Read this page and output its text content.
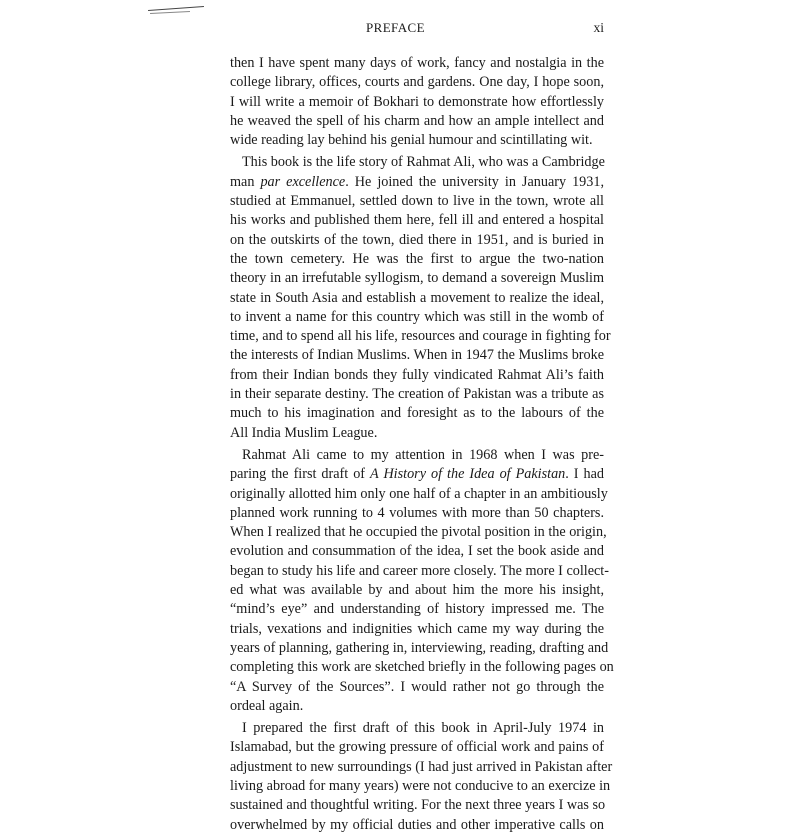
PREFACE	xi
then I have spent many days of work, fancy and nostalgia in the
college library, offices, courts and gardens. One day, I hope soon,
I will write a memoir of Bokhari to demonstrate how effortlessly
he weaved the spell of his charm and how an ample intellect and
wide reading lay behind his genial humour and scintillating wit.
This book is the life story of Rahmat Ali, who was a Cambridge
man par excellence. He joined the university in January 1931,
studied at Emmanuel, settled down to live in the town, wrote all
his works and published them here, fell ill and entered a hospital
on the outskirts of the town, died there in 1951, and is buried in
the town cemetery. He was the first to argue the two-nation
theory in an irrefutable syllogism, to demand a sovereign Muslim
state in South Asia and establish a movement to realize the ideal,
to invent a name for this country which was still in the womb of
time, and to spend all his life, resources and courage in fighting for
the interests of Indian Muslims. When in 1947 the Muslims broke
from their Indian bonds they fully vindicated Rahmat Ali’s faith
in their separate destiny. The creation of Pakistan was a tribute as
much to his imagination and foresight as to the labours of the
All India Muslim League.
Rahmat Ali came to my attention in 1968 when I was pre-
paring the first draft of A History of the Idea of Pakistan. I had
originally allotted him only one half of a chapter in an ambitiously
planned work running to 4 volumes with more than 50 chapters.
When I realized that he occupied the pivotal position in the origin,
evolution and consummation of the idea, I set the book aside and
began to study his life and career more closely. The more I collect-
ed what was available by and about him the more his insight,
“mind’s eye” and understanding of history impressed me. The
trials, vexations and indignities which came my way during the
years of planning, gathering in, interviewing, reading, drafting and
completing this work are sketched briefly in the following pages on
“A Survey of the Sources”. I would rather not go through the
ordeal again.
I prepared the first draft of this book in April-July 1974 in
Islamabad, but the growing pressure of official work and pains of
adjustment to new surroundings (I had just arrived in Pakistan after
living abroad for many years) were not conducive to an exercize in
sustained and thoughtful writing. For the next three years I was so
overwhelmed by my official duties and other imperative calls on
